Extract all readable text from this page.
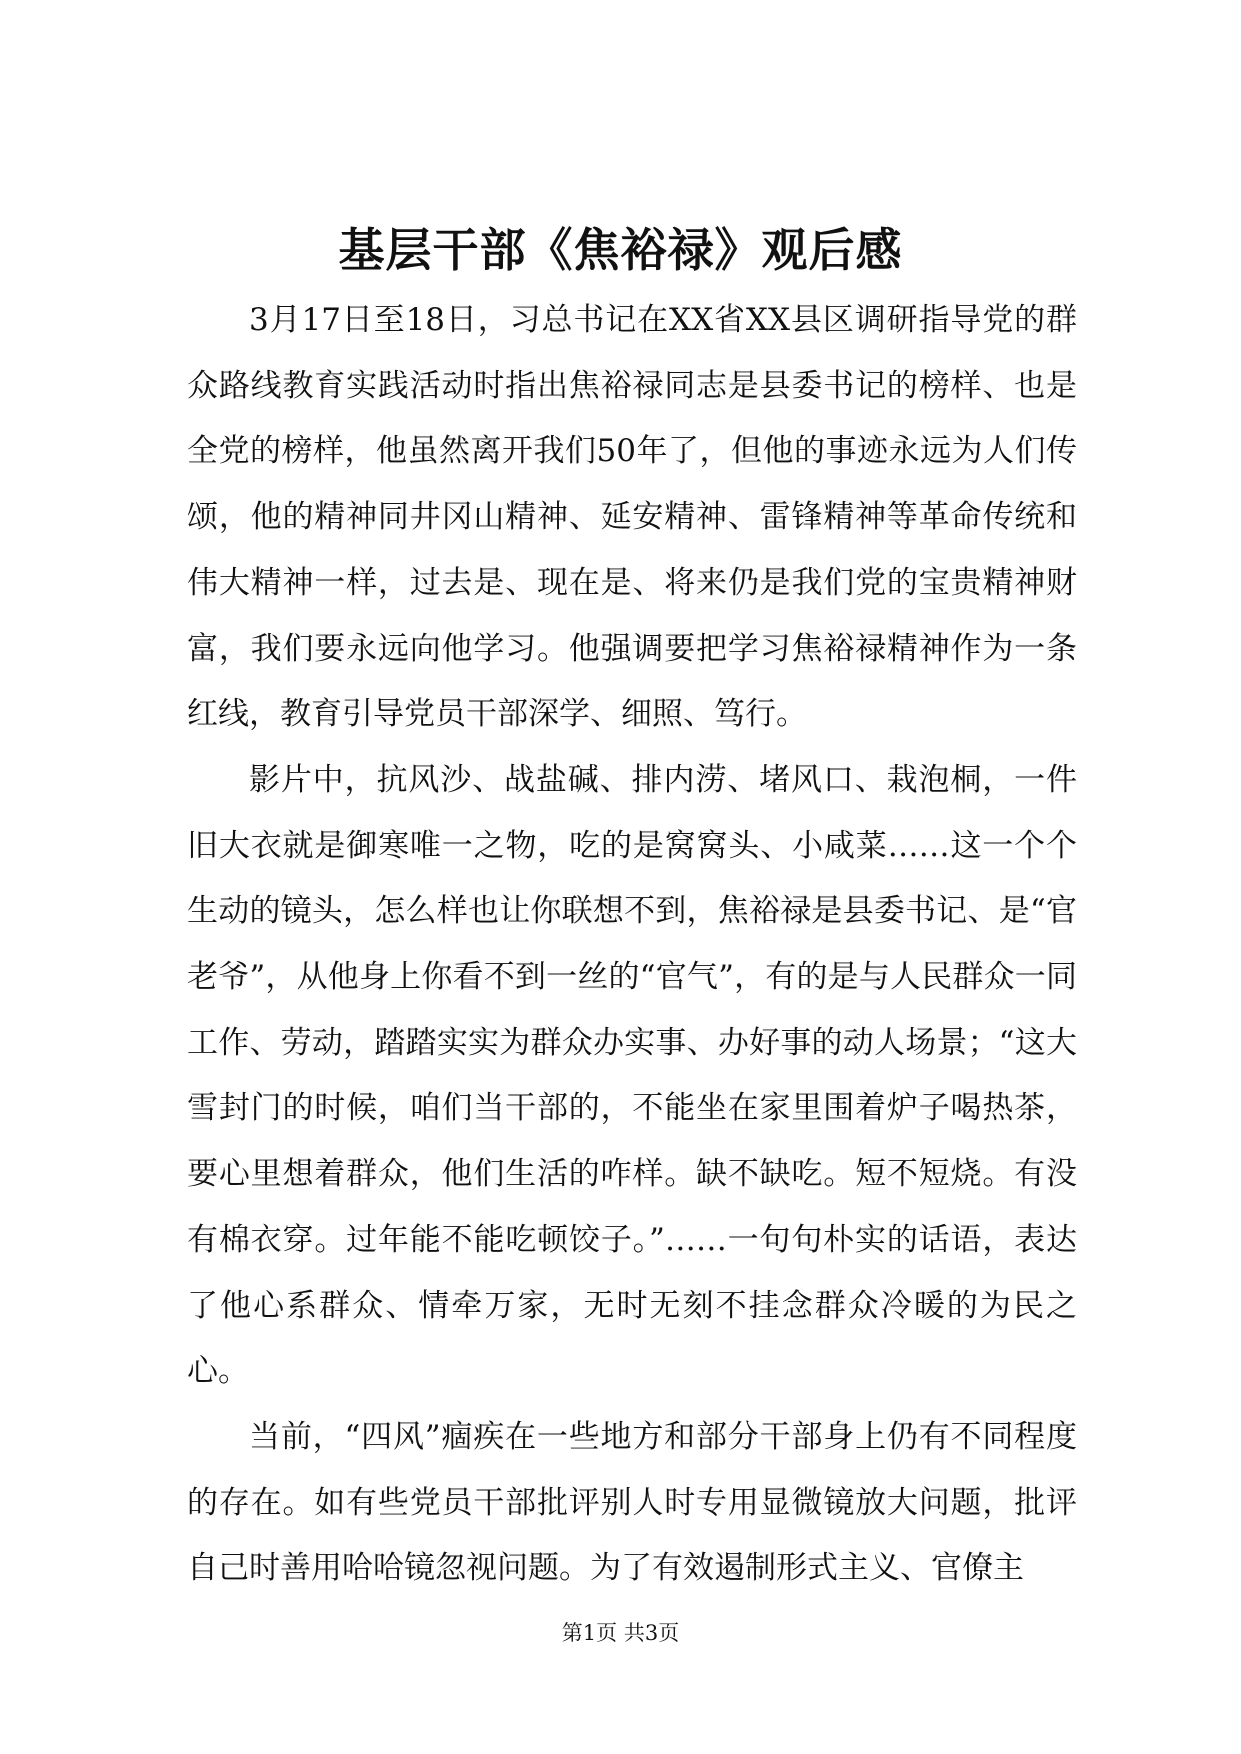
基层干部《焦裕禄》观后感

3月17日至18日，习总书记在XX省XX县区调研指导党的群众路线教育实践活动时指出焦裕禄同志是县委书记的榜样、也是全党的榜样，他虽然离开我们50年了，但他的事迹永远为人们传颂，他的精神同井冈山精神、延安精神、雷锋精神等革命传统和伟大精神一样，过去是、现在是、将来仍是我们党的宝贵精神财富，我们要永远向他学习。他强调要把学习焦裕禄精神作为一条红线，教育引导党员干部深学、细照、笃行。

影片中，抗风沙、战盐碱、排内涝、堵风口、栽泡桐，一件旧大衣就是御寒唯一之物，吃的是窝窝头、小咸菜……这一个个生动的镜头，怎么样也让你联想不到，焦裕禄是县委书记、是“官老爷”，从他身上你看不到一丝的“官气”，有的是与人民群众一同工作、劳动，踏踏实实为群众办实事、办好事的动人场景；“这大雪封门的时候，咱们当干部的，不能坐在家里围着炉子喝热茶，要心里想着群众，他们生活的咋样。缺不缺吃。短不短烧。有没有棉衣穿。过年能不能吃顿饺子。”……一句句朴实的话语，表达了他心系群众、情牵万家，无时无刻不挂念群众冷暖的为民之心。

当前，“四风”痼疾在一些地方和部分干部身上仍有不同程度的存在。如有些党员干部批评别人时专用显微镜放大问题，批评自己时善用哈哈镜忽视问题。为了有效遏制形式主义、官僚主

第1页 共3页
